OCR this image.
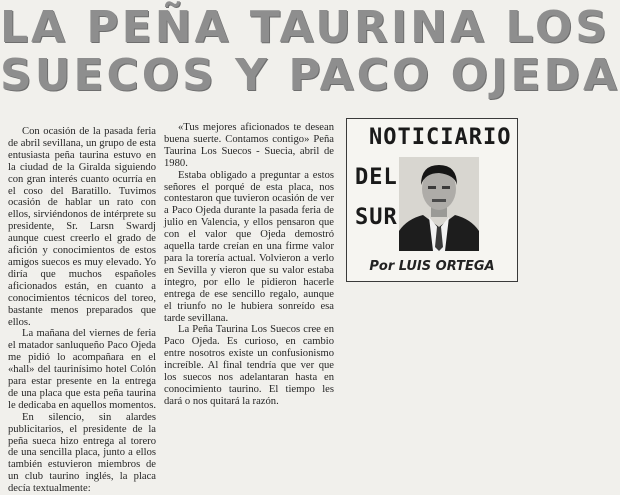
LA PEÑA TAURINA LOS
SUECOS Y PACO OJEDA

Con ocasión de la pasada feria de abril sevillana, un grupo de esta entusiasta peña taurina estuvo en la ciudad de la Giralda siguiendo con gran interés cuanto ocurría en el coso del Baratillo. Tuvimos ocasión de hablar un rato con ellos, sirviéndonos de intérprete su presidente, Sr. Larsn Swardj aunque cuest creerlo el grado de afición y conocimientos de estos amigos suecos es muy elevado. Yo diría que muchos españoles aficionados están, en cuanto a conocimientos técnicos del toreo, bastante menos preparados que ellos.

La mañana del viernes de feria el matador sanluqueño Paco Ojeda me pidió lo acompañara en el «hall» del taurinísimo hotel Colón para estar presente en la entrega de una placa que esta peña taurina le dedicaba en aquellos momentos.

En silencio, sin alardes publicitarios, el presidente de la peña sueca hizo entrega al torero de una sencilla placa, junto a ellos también estuvieron miembros de un club taurino inglés, la placa decía textualmente:

«Tus mejores aficionados te desean buena suerte. Contamos contigo» Peña Taurina Los Suecos - Suecia, abril de 1980.

Estaba obligado a preguntar a estos señores el porqué de esta placa, nos contestaron que tuvieron ocasión de ver a Paco Ojeda durante la pasada feria de julio en Valencia, y ellos pensaron que con el valor que Ojeda demostró aquella tarde creían en una firme valor para la torería actual. Volvieron a verlo en Sevilla y vieron que su valor estaba íntegro, por ello le pidieron hacerle entrega de ese sencillo regalo, aunque el triunfo no le hubiera sonreído esa tarde sevillana.

La Peña Taurina Los Suecos cree en Paco Ojeda. Es curioso, en cambio entre nosotros existe un confusionismo increíble. Al final tendría que ver que los suecos nos adelantaran hasta en conocimiento taurino. El tiempo les dará o nos quitará la razón.

NOTICIARIO
DEL
SUR
Por LUIS ORTEGA
